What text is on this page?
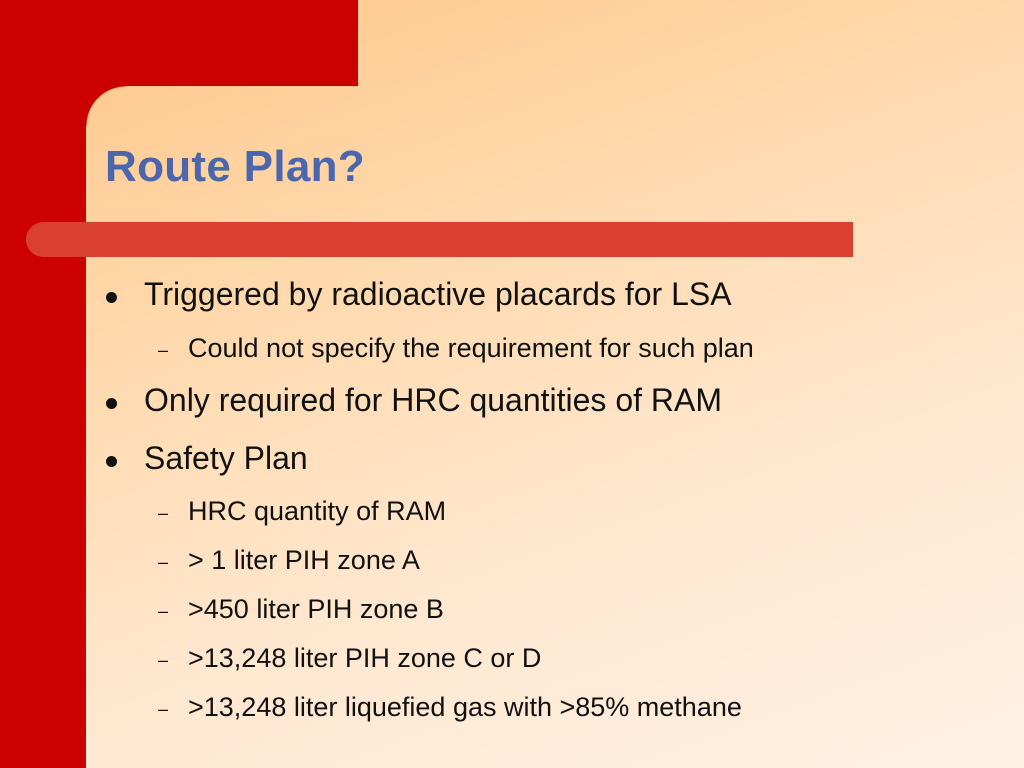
Route Plan?
Triggered by radioactive placards for LSA
– Could not specify the requirement for such plan
Only required for HRC quantities of RAM
Safety Plan
– HRC quantity of RAM
– > 1 liter PIH zone A
– >450 liter PIH zone B
– >13,248 liter PIH zone C or D
– >13,248 liter liquefied gas with >85% methane
